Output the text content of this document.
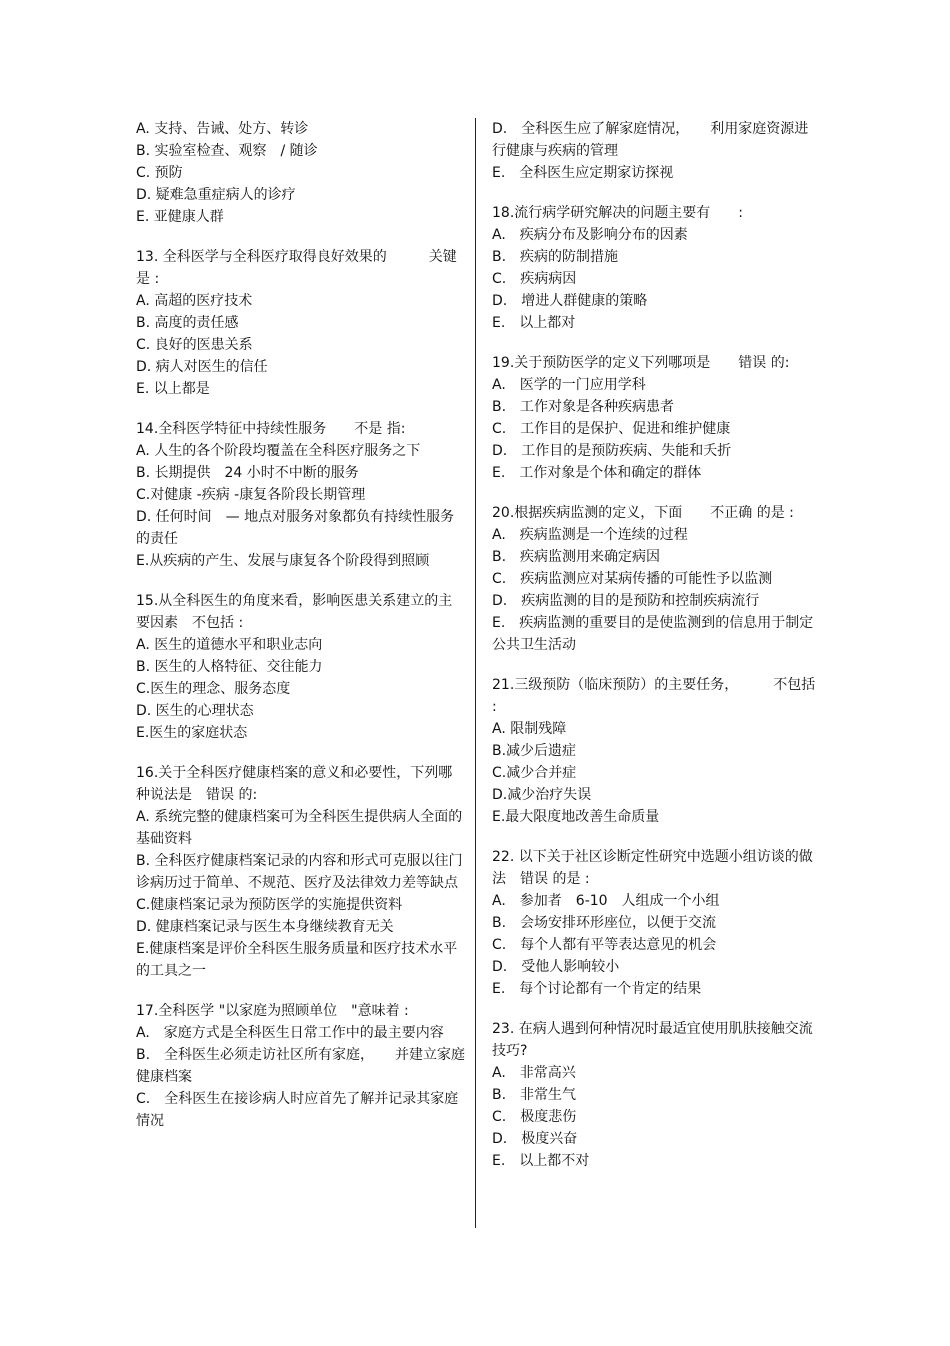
A. 支持、告诫、处方、转诊
B. 实验室检查、观察　/ 随诊
C. 预防
D. 疑难急重症病人的诊疗
E. 亚健康人群
13. 全科医学与全科医疗取得良好效果的　　　关键是 :
A. 高超的医疗技术
B. 高度的责任感
C. 良好的医患关系
D. 病人对医生的信任
E. 以上都是
14.全科医学特征中持续性服务　　不是 指:
A. 人生的各个阶段均覆盖在全科医疗服务之下
B. 长期提供　24 小时不中断的服务
C.对健康 -疾病 -康复各阶段长期管理
D. 任何时间　— 地点对服务对象都负有持续性服务的责任
E.从疾病的产生、发展与康复各个阶段得到照顾
15.从全科医生的角度来看，影响医患关系建立的主要因素　不包括 :
A. 医生的道德水平和职业志向
B. 医生的人格特征、交往能力
C.医生的理念、服务态度
D. 医生的心理状态
E.医生的家庭状态
16.关于全科医疗健康档案的意义和必要性，下列哪种说法是　错误 的:
A. 系统完整的健康档案可为全科医生提供病人全面的基础资料
B. 全科医疗健康档案记录的内容和形式可克服以往门诊病历过于简单、不规范、医疗及法律效力差等缺点
C.健康档案记录为预防医学的实施提供资料
D. 健康档案记录与医生本身继续教育无关
E.健康档案是评价全科医生服务质量和医疗技术水平的工具之一
17.全科医学 "以家庭为照顾单位　"意味着 :
A.　家庭方式是全科医生日常工作中的最主要内容
B.　全科医生必须走访社区所有家庭，　　并建立家庭健康档案
C.　全科医生在接诊病人时应首先了解并记录其家庭情况
D.　全科医生应了解家庭情况，　　利用家庭资源进行健康与疾病的管理
E.　全科医生应定期家访探视
18.流行病学研究解决的问题主要有　　:
A.　疾病分布及影响分布的因素
B.　疾病的防制措施
C.　疾病病因
D.　增进人群健康的策略
E.　以上都对
19.关于预防医学的定义下列哪项是　　错误 的:
A.　医学的一门应用学科
B.　工作对象是各种疾病患者
C.　工作目的是保护、促进和维护健康
D.　工作目的是预防疾病、失能和夭折
E.　工作对象是个体和确定的群体
20.根据疾病监测的定义，下面　　不正确 的是 :
A.　疾病监测是一个连续的过程
B.　疾病监测用来确定病因
C.　疾病监测应对某病传播的可能性予以监测
D.　疾病监测的目的是预防和控制疾病流行
E.　疾病监测的重要目的是使监测到的信息用于制定公共卫生活动
21.三级预防（临床预防）的主要任务，　　　不包括 :
A. 限制残障
B.减少后遗症
C.减少合并症
D.减少治疗失误
E.最大限度地改善生命质量
22. 以下关于社区诊断定性研究中选题小组访谈的做法　错误 的是 :
A.　参加者　6-10　人组成一个小组
B.　会场安排环形座位，以便于交流
C.　每个人都有平等表达意见的机会
D.　受他人影响较小
E.　每个讨论都有一个肯定的结果
23. 在病人遇到何种情况时最适宜使用肌肤接触交流技巧?
A.　非常高兴
B.　非常生气
C.　极度悲伤
D.　极度兴奋
E.　以上都不对
